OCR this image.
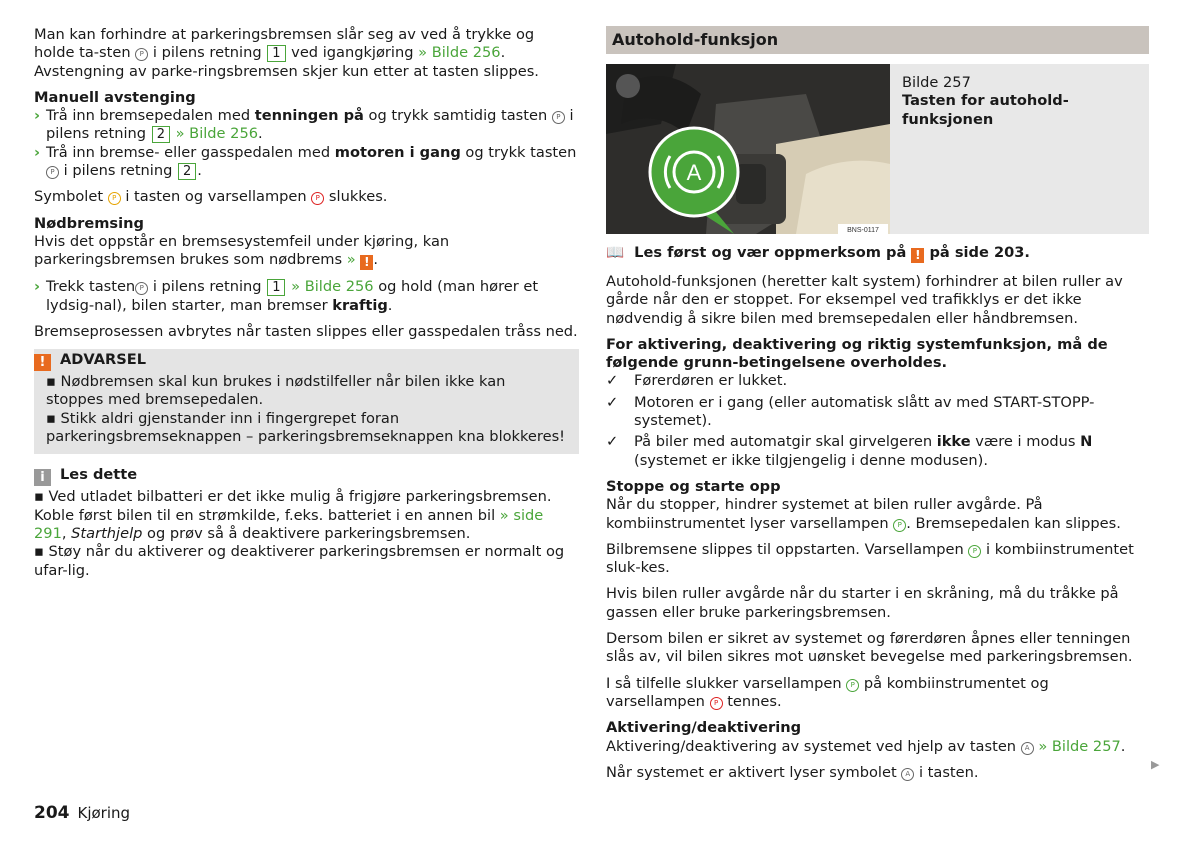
Man kan forhindre at parkeringsbremsen slår seg av ved å trykke og holde ta-sten P i pilens retning 1 ved igangkjøring » Bilde 256. Avstengning av parke-ringsbremsen skjer kun etter at tasten slippes.

Manuell avstenging

› Trå inn bremsepedalen med tenningen på og trykk samtidig tasten P i pilens retning 2 » Bilde 256.

› Trå inn bremse- eller gasspedalen med motoren i gang og trykk tasten P i pilens retning 2 .

Symbolet P i tasten og varsellampen P slukkes.

Nødbremsing

Hvis det oppstår en bremsesystemfeil under kjøring, kan parkeringsbremsen brukes som nødbrems » ! .

› Trekk tasten P i pilens retning 1 » Bilde 256 og hold (man hører et lydsig-nal), bilen starter, man bremser kraftig.

Bremseprosessen avbrytes når tasten slippes eller gasspedalen tråss ned.

! ADVARSEL

▪ Nødbremsen skal kun brukes i nødstilfeller når bilen ikke kan stoppes med bremsepedalen.

▪ Stikk aldri gjenstander inn i fingergrepet foran parkeringsbremseknappen – parkeringsbremseknappen kna blokkeres!

i Les dette

▪ Ved utladet bilbatteri er det ikke mulig å frigjøre parkeringsbremsen. Koble først bilen til en strømkilde, f.eks. batteriet i en annen bil » side 291, Starthjelp og prøv så å deaktivere parkeringsbremsen.

▪ Støy når du aktiverer og deaktiverer parkeringsbremsen er normalt og ufar-lig.

Autohold-funksjon
A
BNS-0117
Bilde 257
Tasten for autohold-funksjonen

📖 Les først og vær oppmerksom på ! på side 203.

Autohold-funksjonen (heretter kalt system) forhindrer at bilen ruller av gårde når den er stoppet. For eksempel ved trafikklys er det ikke nødvendig å sikre bilen med bremsepedalen eller håndbremsen.

For aktivering, deaktivering og riktig systemfunksjon, må de følgende grunn-betingelsene overholdes.

✓ Førerdøren er lukket.

✓ Motoren er i gang (eller automatisk slått av med START-STOPP-systemet).

✓ På biler med automatgir skal girvelgeren ikke være i modus N (systemet er ikke tilgjengelig i denne modusen).

Stoppe og starte opp

Når du stopper, hindrer systemet at bilen ruller avgårde. På kombiinstrumentet lyser varsellampen P . Bremsepedalen kan slippes.

Bilbremsene slippes til oppstarten. Varsellampen P i kombiinstrumentet sluk-kes.

Hvis bilen ruller avgårde når du starter i en skråning, må du tråkke på gassen eller bruke parkeringsbremsen.

Dersom bilen er sikret av systemet og førerdøren åpnes eller tenningen slås av, vil bilen sikres mot uønsket bevegelse med parkeringsbremsen.

I så tilfelle slukker varsellampen P på kombiinstrumentet og varsellampen P tennes.

Aktivering/deaktivering

Aktivering/deaktivering av systemet ved hjelp av tasten A » Bilde 257.

Når systemet er aktivert lyser symbolet A i tasten.	▶
204 Kjøring
